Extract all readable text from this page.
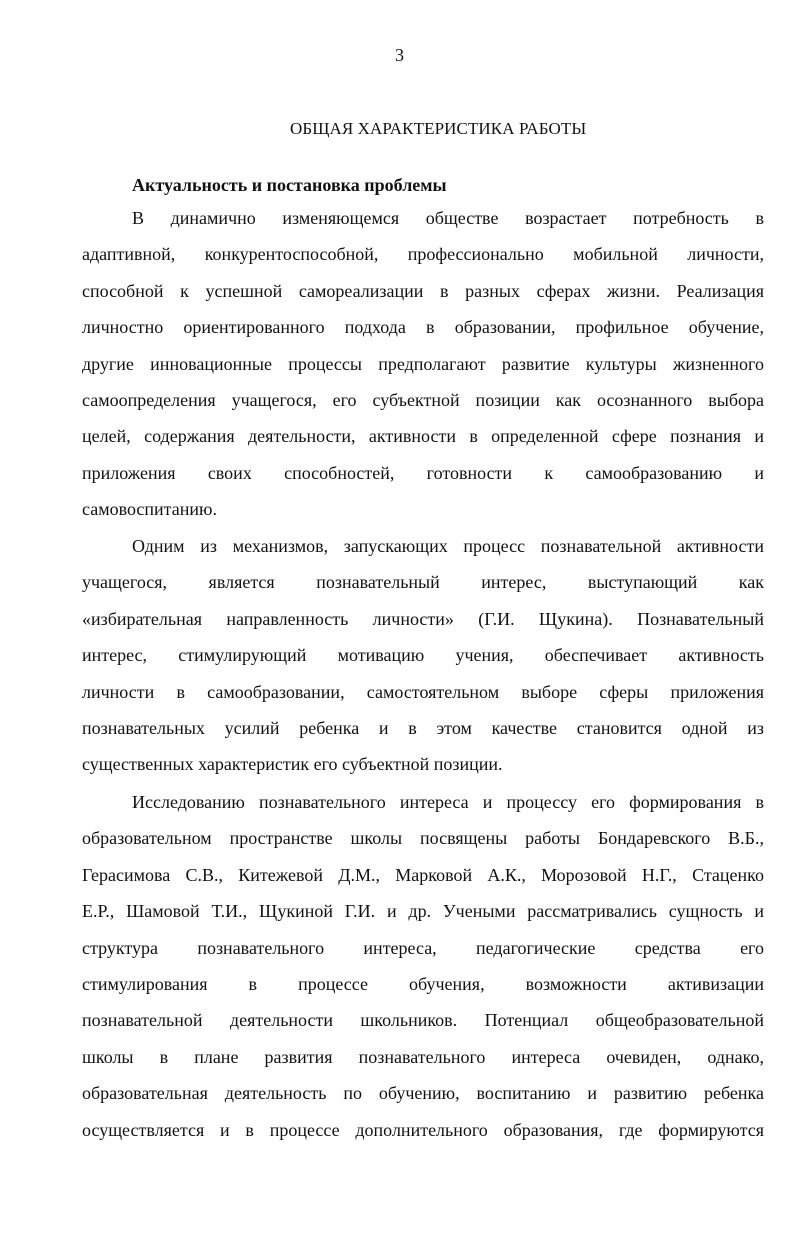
3
ОБЩАЯ ХАРАКТЕРИСТИКА РАБОТЫ
Актуальность и постановка проблемы
В динамично изменяющемся обществе возрастает потребность в
адаптивной, конкурентоспособной, профессионально мобильной личности,
способной к успешной самореализации в разных сферах жизни. Реализация
личностно ориентированного подхода в образовании, профильное обучение,
другие инновационные процессы предполагают развитие культуры жизненного
самоопределения учащегося, его субъектной позиции как осознанного выбора
целей, содержания деятельности, активности в определенной сфере познания и
приложения своих способностей, готовности к самообразованию и
самовоспитанию.
Одним из механизмов, запускающих процесс познавательной активности
учащегося, является познавательный интерес, выступающий как
«избирательная направленность личности» (Г.И. Щукина). Познавательный
интерес, стимулирующий мотивацию учения, обеспечивает активность
личности в самообразовании, самостоятельном выборе сферы приложения
познавательных усилий ребенка и в этом качестве становится одной из
существенных характеристик его субъектной позиции.
Исследованию познавательного интереса и процессу его формирования в
образовательном пространстве школы посвящены работы Бондаревского В.Б.,
Герасимова С.В., Китежевой Д.М., Марковой А.К., Морозовой Н.Г., Стаценко
Е.Р., Шамовой Т.И., Щукиной Г.И. и др. Учеными рассматривались сущность и
структура познавательного интереса, педагогические средства его
стимулирования в процессе обучения, возможности активизации
познавательной деятельности школьников. Потенциал общеобразовательной
школы в плане развития познавательного интереса очевиден, однако,
образовательная деятельность по обучению, воспитанию и развитию ребенка
осуществляется и в процессе дополнительного образования, где формируются
